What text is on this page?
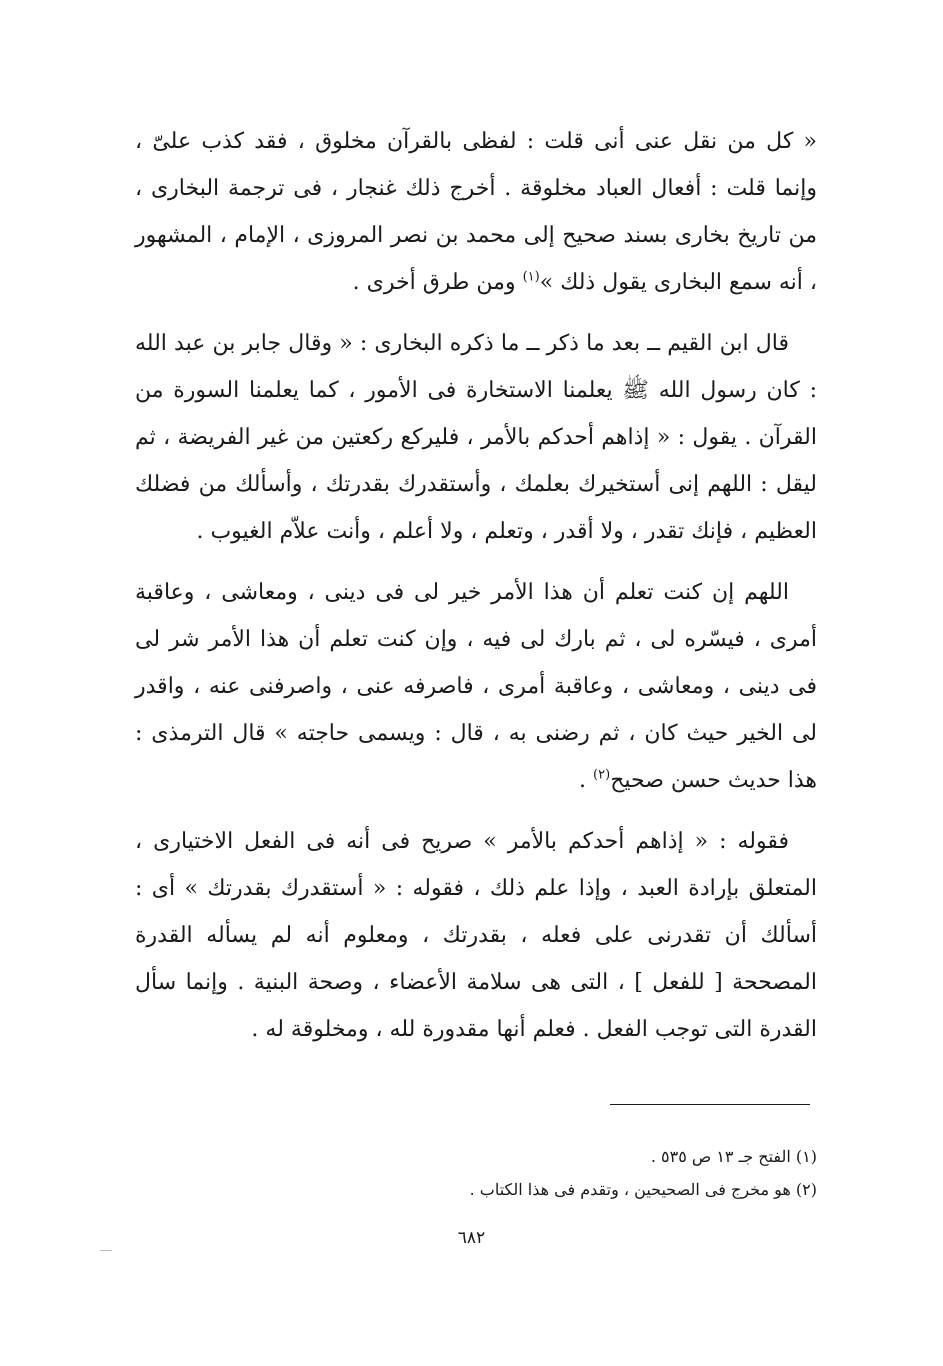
« كل من نقل عنى أنى قلت : لفظى بالقرآن مخلوق ، فقد كذب علىّ ، وإنما قلت : أفعال العباد مخلوقة . أخرج ذلك غنجار ، فى ترجمة البخارى ، من تاريخ بخارى بسند صحيح إلى محمد بن نصر المروزى ، الإمام ، المشهور ، أنه سمع البخارى يقول ذلك »$^{(١)}$ ومن طرق أخرى .

قال ابن القيم ــ بعد ما ذكر ــ ما ذكره البخارى : « وقال جابر بن عبد الله : كان رسول الله ﷺ يعلمنا الاستخارة فى الأمور ، كما يعلمنا السورة من القرآن . يقول : « إذاهم أحدكم بالأمر ، فليركع ركعتين من غير الفريضة ، ثم ليقل : اللهم إنى أستخيرك بعلمك ، وأستقدرك بقدرتك ، وأسألك من فضلك العظيم ، فإنك تقدر ، ولا أقدر ، وتعلم ، ولا أعلم ، وأنت علاّم الغيوب .

اللهم إن كنت تعلم أن هذا الأمر خير لى فى دينى ، ومعاشى ، وعاقبة أمرى ، فيسّره لى ، ثم بارك لى فيه ، وإن كنت تعلم أن هذا الأمر شر لى فى دينى ، ومعاشى ، وعاقبة أمرى ، فاصرفه عنى ، واصرفنى عنه ، واقدر لى الخير حيث كان ، ثم رضنى به ، قال : ويسمى حاجته » قال الترمذى : هذا حديث حسن صحيح$^{(٢)}$ .

فقوله : « إذاهم أحدكم بالأمر » صريح فى أنه فى الفعل الاختيارى ، المتعلق بإرادة العبد ، وإذا علم ذلك ، فقوله : « أستقدرك بقدرتك » أى : أسألك أن تقدرنى على فعله ، بقدرتك ، ومعلوم أنه لم يسأله القدرة المصححة [ للفعل ] ، التى هى سلامة الأعضاء ، وصحة البنية . وإنما سأل القدرة التى توجب الفعل . فعلم أنها مقدورة لله ، ومخلوقة له .

(١) الفتح جـ ١٣ ص ٥٣٥ .

(٢) هو مخرج فى الصحيحين ، وتقدم فى هذا الكتاب .

٦٨٢
